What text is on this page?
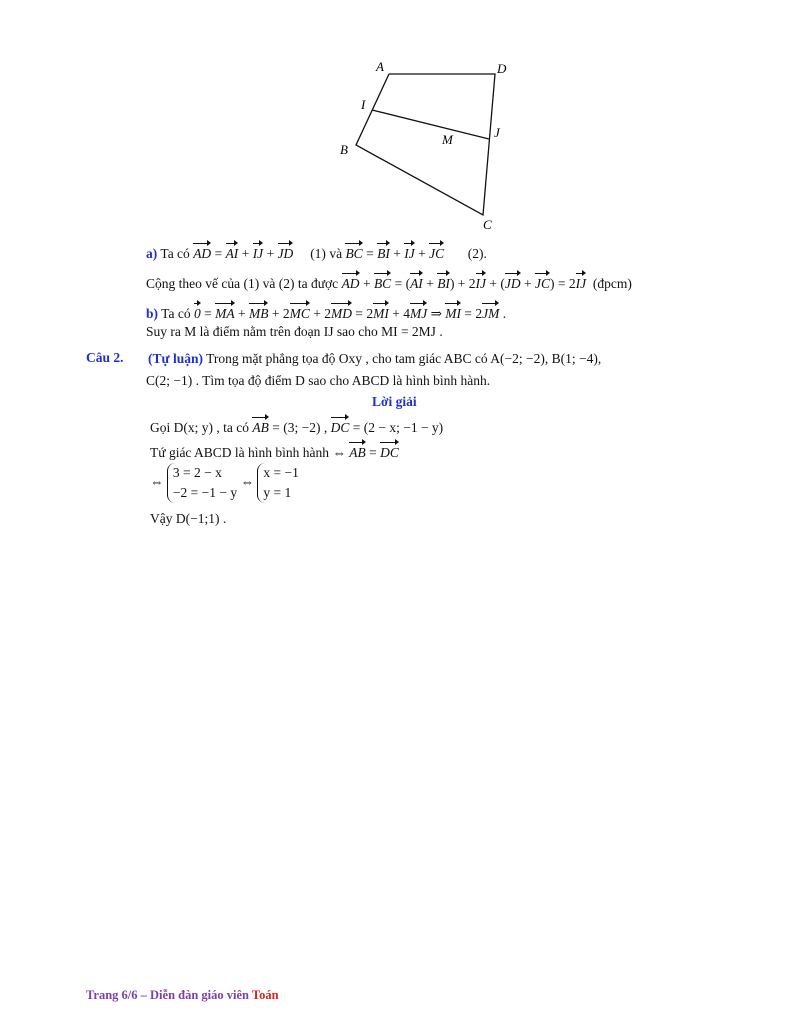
A	D
I
M	J
B
C
a) Ta có AD = AI + IJ + JD (1) và BC = BI + IJ + JC (2).
Cộng theo vế của (1) và (2) ta được AD + BC = (AI + BI) + 2IJ + (JD + JC) = 2IJ (đpcm)
b) Ta có 0 = MA + MB + 2MC + 2MD = 2MI + 4MJ ⇒ MI = 2JM .
Suy ra M là điểm nằm trên đoạn IJ sao cho MI = 2MJ .
Câu 2. (Tự luận) Trong mặt phẳng tọa độ Oxy , cho tam giác ABC có A(−2; −2), B(1; −4),
C(2; −1) . Tìm tọa độ điểm D sao cho ABCD là hình bình hành.
Lời giải
Gọi D(x; y) , ta có AB = (3; −2) , DC = (2 − x; −1 − y)
Tứ giác ABCD là hình bình hành ⇔ AB = DC
⇔ 3 = 2 − x
−2 = −1 − y ⇔ x = −1
y = 1
Vậy D(−1;1) .
Trang 6/6 – Diễn đàn giáo viên Toán
